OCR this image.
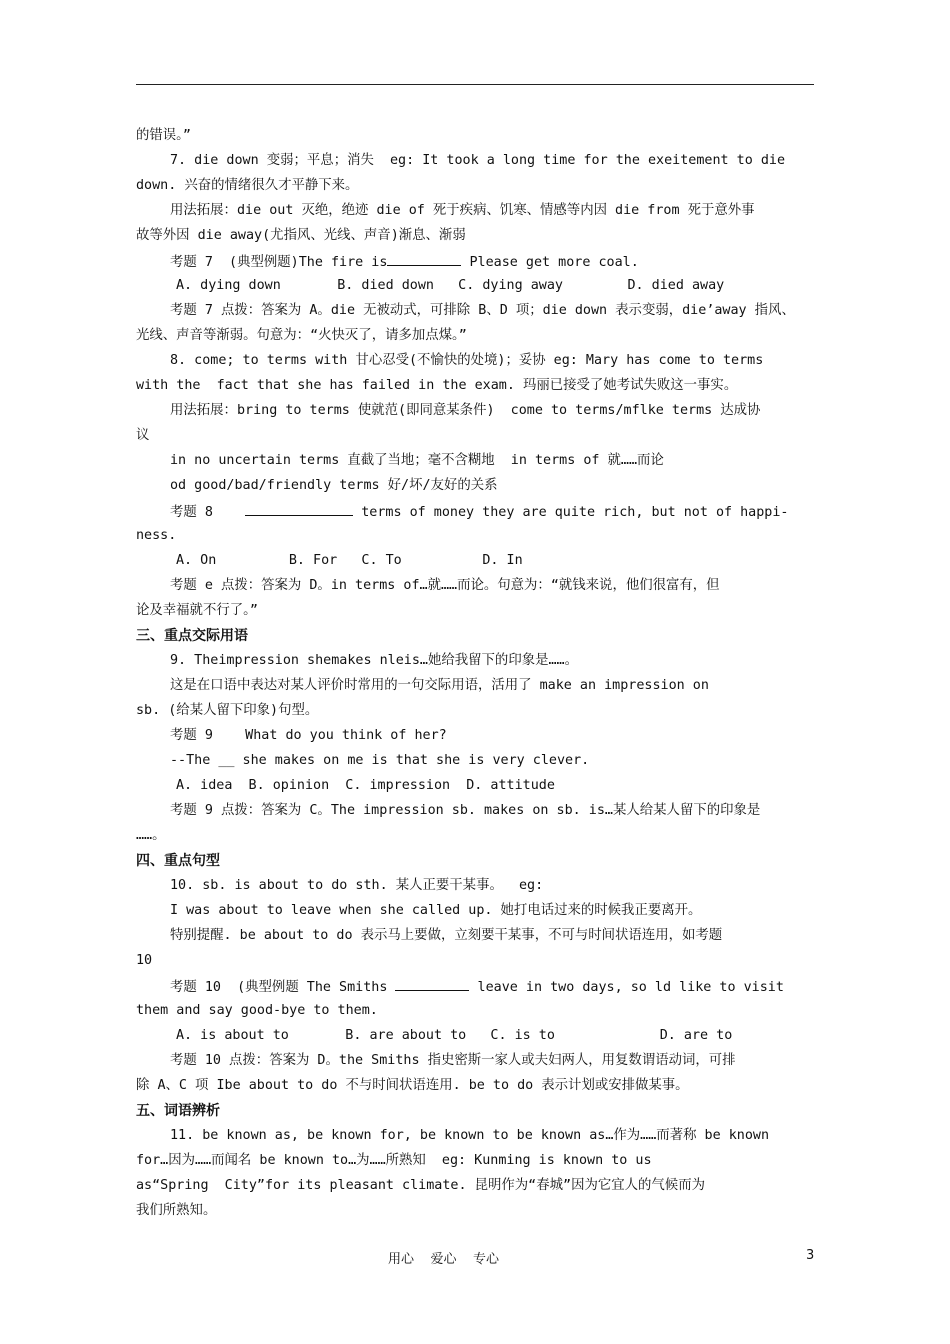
的错误。”
7. die down 变弱；平息；消失  eg: It took a long time for the exeitement to die
down. 兴奋的情绪很久才平静下来。
用法拓展：die out 灭绝，绝迹 die of 死于疾病、饥寒、情感等内因 die from 死于意外事
故等外因 die away(尤指风、光线、声音)渐息、渐弱
考题 7  (典型例题)The fire is	Please get more coal.
A. dying down       B. died down   C. dying away        D. died away
考题 7 点拨：答案为 A。die 无被动式，可排除 B、D 项；die down 表示变弱，die’away 指风、
光线、声音等渐弱。句意为：“火快灭了，请多加点煤。”
8. come; to terms with 甘心忍受(不愉快的处境)；妥协 eg: Mary has come to terms
with the  fact that she has failed in the exam. 玛丽已接受了她考试失败这一事实。
用法拓展：bring to terms 使就范(即同意某条件)  come to terms/mflke terms 达成协
议
in no uncertain terms 直截了当地；毫不含糊地  in terms of 就……而论
od good/bad/friendly terms 好/坏/友好的关系
考题 8	terms of money they are quite rich, but not of happi-
ness.
A. On         B. For   C. To          D. In
考题 e 点拨：答案为 D。in terms of…就……而论。句意为：“就钱来说，他们很富有，但
论及幸福就不行了。”
三、重点交际用语
9. Theimpression shemakes nleis…她给我留下的印象是……。
这是在口语中表达对某人评价时常用的一句交际用语，活用了 make an impression on
sb. (给某人留下印象)句型。
考题 9    What do you think of her?
--The __ she makes on me is that she is very clever.
A. idea  B. opinion  C. impression  D. attitude
考题 9 点拨：答案为 C。The impression sb. makes on sb. is…某人给某人留下的印象是
……。
四、重点句型
10. sb. is about to do sth. 某人正要干某事。  eg:
I was about to leave when she called up. 她打电话过来的时候我正要离开。
特别提醒. be about to do 表示马上要做，立刻要干某事，不可与时间状语连用，如考题
10
考题 10  (典型例题 The Smiths	leave in two days, so ld like to visit
them and say good-bye to them.
A. is about to       B. are about to   C. is to             D. are to
考题 10 点拨：答案为 D。the Smiths 指史密斯一家人或夫妇两人，用复数谓语动词，可排
除 A、C 项 Ibe about to do 不与时间状语连用. be to do 表示计划或安排做某事。
五、词语辨析
11. be known as, be known for, be known to be known as…作为……而著称 be known
for…因为……而闻名 be known to…为……所熟知  eg: Kunming is known to us
as“Spring  City”for its pleasant climate. 昆明作为“春城”因为它宜人的气候而为
我们所熟知。
用心    爱心    专心	3
